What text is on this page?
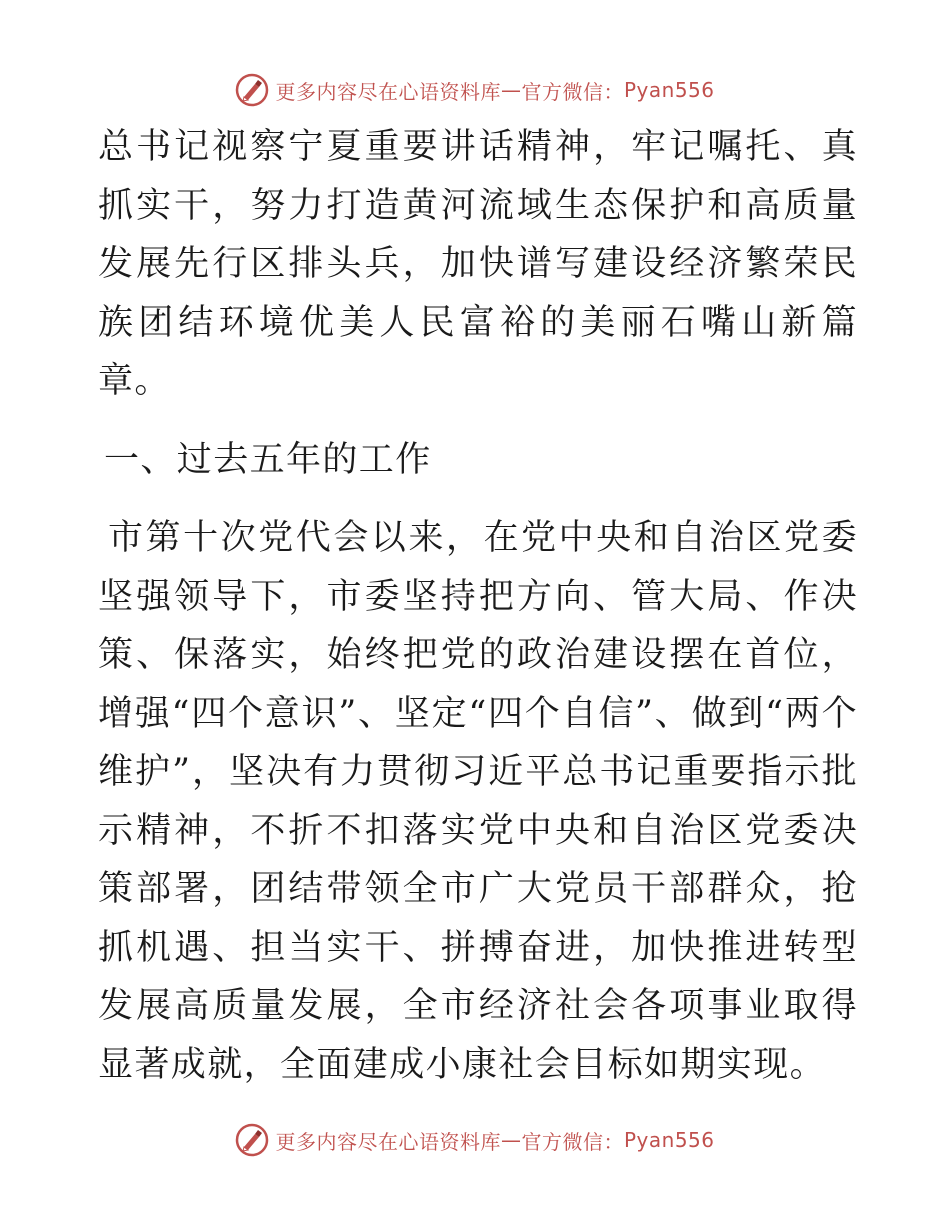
更多内容尽在心语资料库 — 官方微信： Pyan556

总书记视察宁夏重要讲话精神，牢记嘱托、真抓实干，努力打造黄河流域生态保护和高质量发展先行区排头兵，加快谱写建设经济繁荣民族团结环境优美人民富裕的美丽石嘴山新篇章。

一、过去五年的工作

市第十次党代会以来，在党中央和自治区党委坚强领导下，市委坚持把方向、管大局、作决策、保落实，始终把党的政治建设摆在首位，增强“四个意识”、坚定“四个自信”、做到“两个维护”，坚决有力贯彻习近平总书记重要指示批示精神，不折不扣落实党中央和自治区党委决策部署，团结带领全市广大党员干部群众，抢抓机遇、担当实干、拼搏奋进，加快推进转型发展高质量发展，全市经济社会各项事业取得显著成就，全面建成小康社会目标如期实现。

更多内容尽在心语资料库 — 官方微信： Pyan556
